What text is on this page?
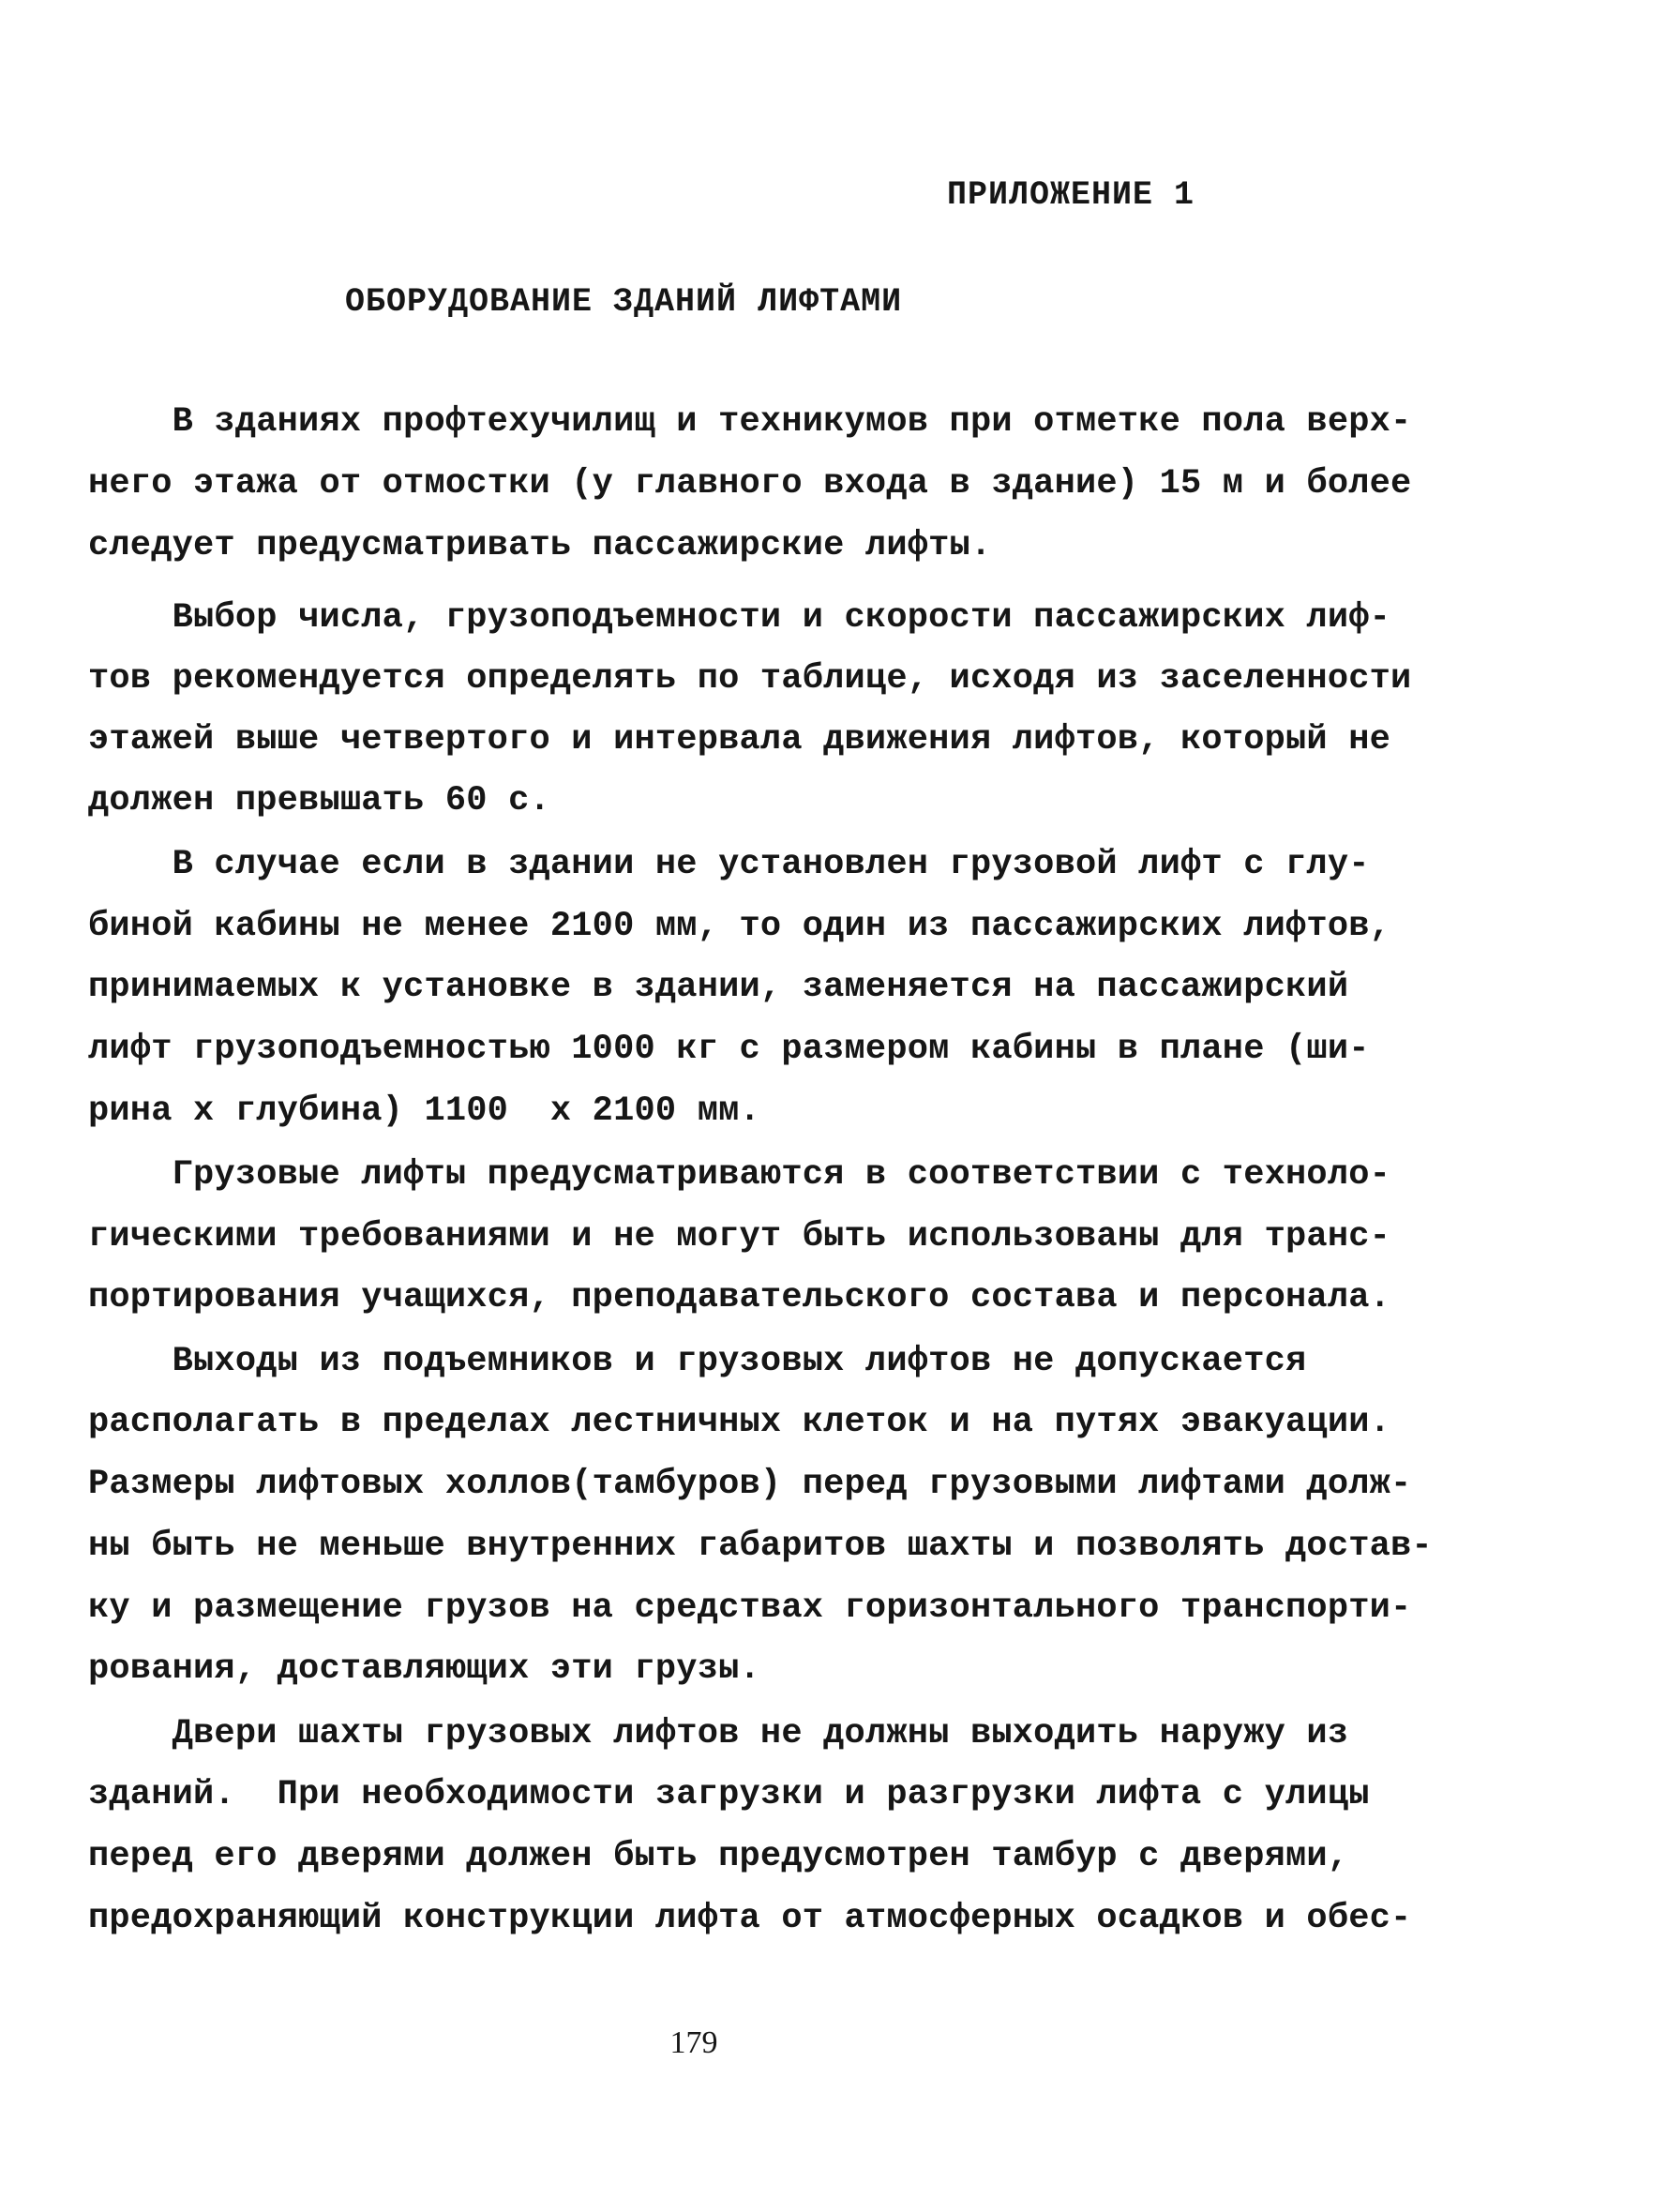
ПРИЛОЖЕНИЕ 1
ОБОРУДОВАНИЕ ЗДАНИЙ ЛИФТАМИ
В зданиях профтехучилищ и техникумов при отметке пола верх-
него этажа от отмостки (у главного входа в здание) 15 м и более
следует предусматривать пассажирские лифты.
Выбор числа, грузоподъемности и скорости пассажирских лиф-
тов рекомендуется определять по таблице, исходя из заселенности
этажей выше четвертого и интервала движения лифтов, который не
должен превышать 60 с.
В случае если в здании не установлен грузовой лифт с глу-
биной кабины не менее 2100 мм, то один из пассажирских лифтов,
принимаемых к установке в здании, заменяется на пассажирский
лифт грузоподъемностью 1000 кг с размером кабины в плане (ши-
рина х глубина) 1100  х 2100 мм.
Грузовые лифты предусматриваются в соответствии с техноло-
гическими требованиями и не могут быть использованы для транс-
портирования учащихся, преподавательского состава и персонала.
Выходы из подъемников и грузовых лифтов не допускается
располагать в пределах лестничных клеток и на путях эвакуации.
Размеры лифтовых холлов(тамбуров) перед грузовыми лифтами долж-
ны быть не меньше внутренних габаритов шахты и позволять достав-
ку и размещение грузов на средствах горизонтального транспорти-
рования, доставляющих эти грузы.
Двери шахты грузовых лифтов не должны выходить наружу из
зданий.  При необходимости загрузки и разгрузки лифта с улицы
перед его дверями должен быть предусмотрен тамбур с дверями,
предохраняющий конструкции лифта от атмосферных осадков и обес-
179
